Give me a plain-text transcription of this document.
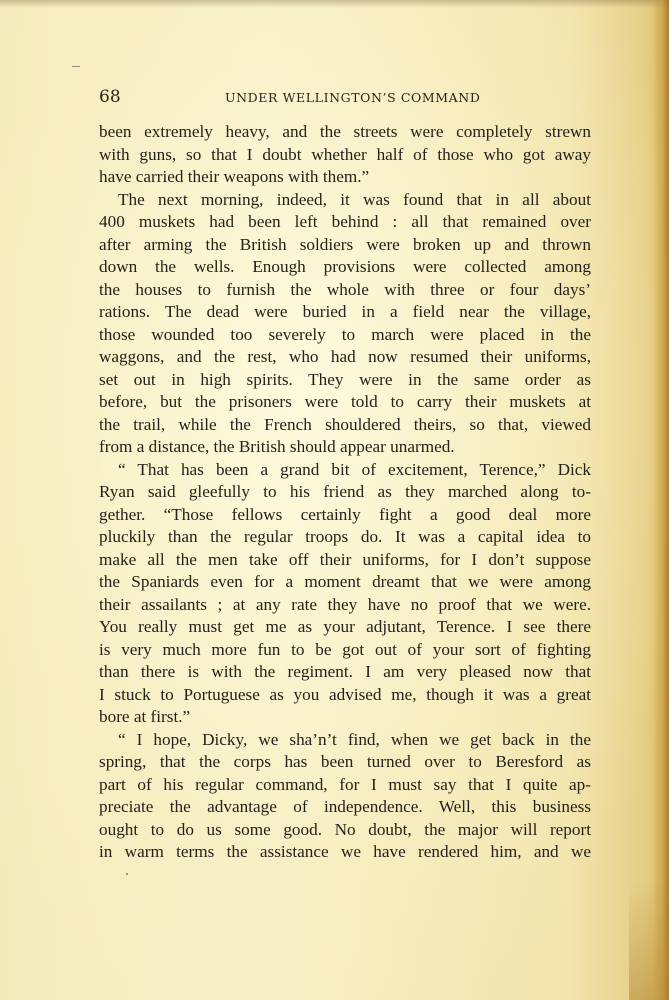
68	UNDER WELLINGTON’S COMMAND
been extremely heavy, and the streets were completely strewn
with guns, so that I doubt whether half of those who got away
have carried their weapons with them.”
The next morning, indeed, it was found that in all about
400 muskets had been left behind : all that remained over
after arming the British soldiers were broken up and thrown
down the wells. Enough provisions were collected among
the houses to furnish the whole with three or four days’
rations. The dead were buried in a field near the village,
those wounded too severely to march were placed in the
waggons, and the rest, who had now resumed their uniforms,
set out in high spirits. They were in the same order as
before, but the prisoners were told to carry their muskets at
the trail, while the French shouldered theirs, so that, viewed
from a distance, the British should appear unarmed.
“ That has been a grand bit of excitement, Terence,” Dick
Ryan said gleefully to his friend as they marched along to-
gether. “Those fellows certainly fight a good deal more
pluckily than the regular troops do. It was a capital idea to
make all the men take off their uniforms, for I don’t suppose
the Spaniards even for a moment dreamt that we were among
their assailants ; at any rate they have no proof that we were.
You really must get me as your adjutant, Terence. I see there
is very much more fun to be got out of your sort of fighting
than there is with the regiment. I am very pleased now that
I stuck to Portuguese as you advised me, though it was a great
bore at first.”
“ I hope, Dicky, we sha’n’t find, when we get back in the
spring, that the corps has been turned over to Beresford as
part of his regular command, for I must say that I quite ap-
preciate the advantage of independence. Well, this business
ought to do us some good. No doubt, the major will report
in warm terms the assistance we have rendered him, and we
